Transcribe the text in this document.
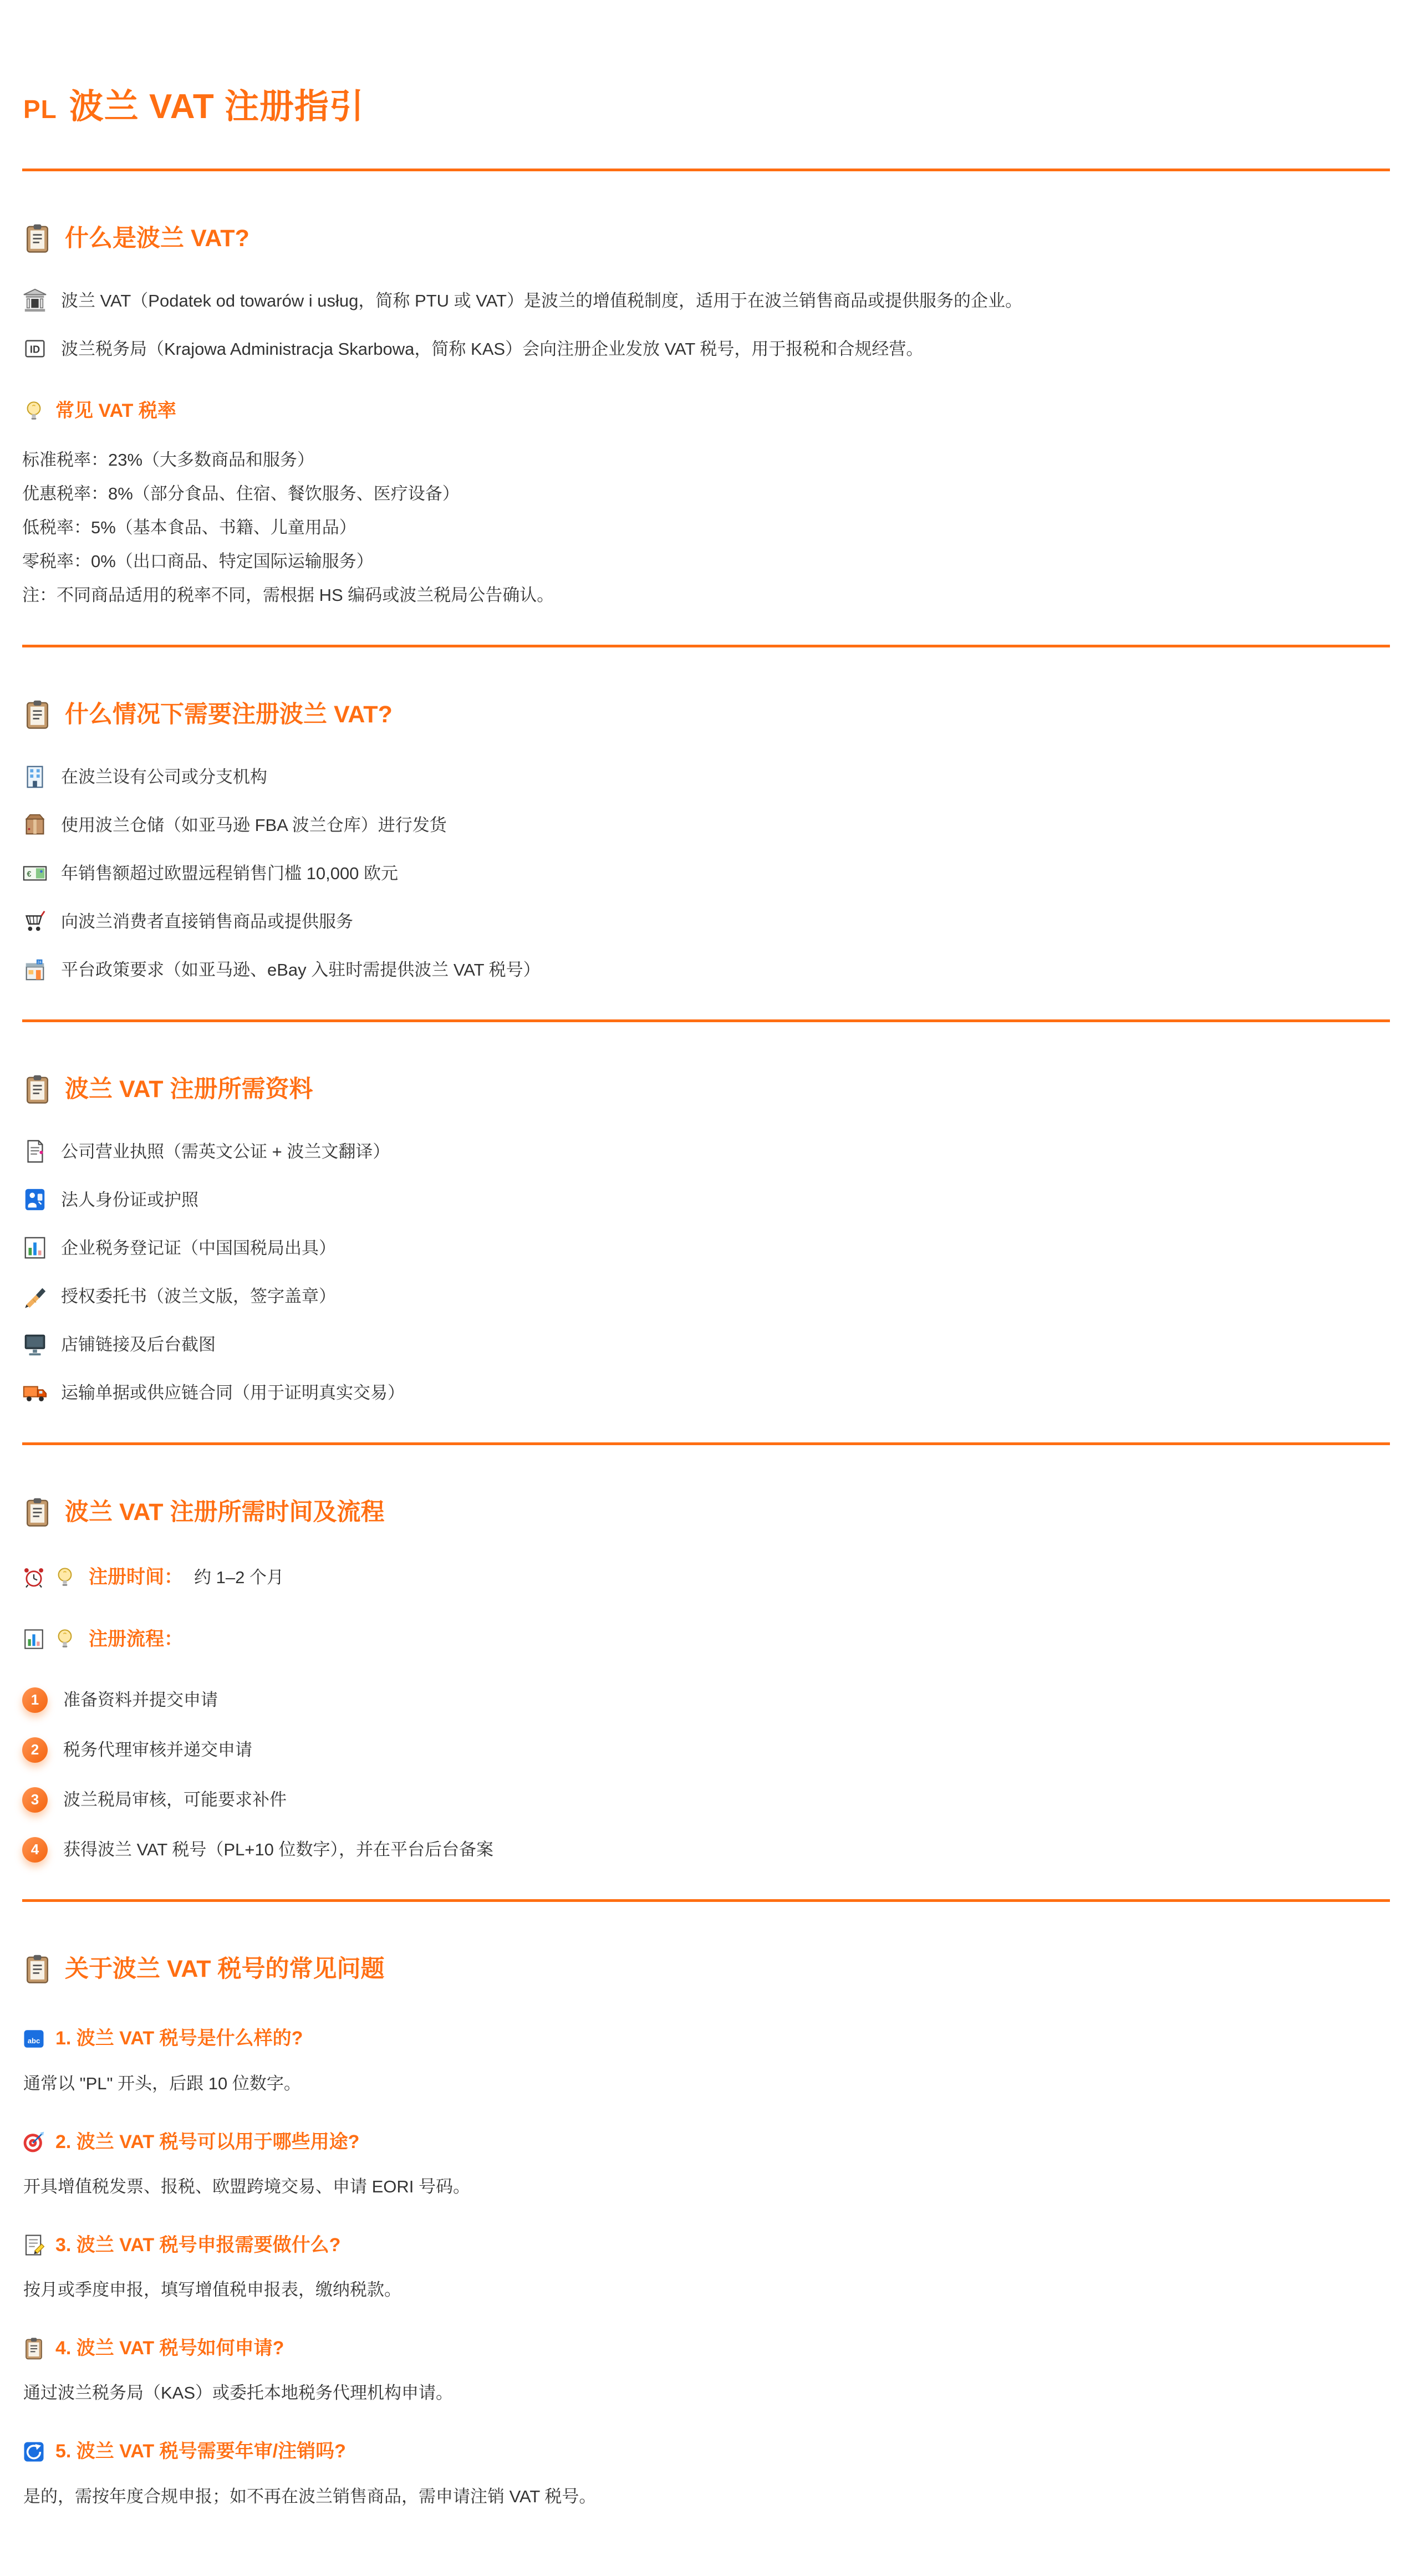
PL 波兰 VAT 注册指引
什么是波兰 VAT?

波兰 VAT（Podatek od towarów i usług，简称 PTU 或 VAT）是波兰的增值税制度，适用于在波兰销售商品或提供服务的企业。

ID 波兰税务局（Krajowa Administracja Skarbowa，简称 KAS）会向注册企业发放 VAT 税号，用于报税和合规经营。

常见 VAT 税率

标准税率：23%（大多数商品和服务）

优惠税率：8%（部分食品、住宿、餐饮服务、医疗设备）

低税率：5%（基本食品、书籍、儿童用品）

零税率：0%（出口商品、特定国际运输服务）

注：不同商品适用的税率不同，需根据 HS 编码或波兰税局公告确认。

什么情况下需要注册波兰 VAT?

在波兰设有公司或分支机构

使用波兰仓储（如亚马逊 FBA 波兰仓库）进行发货

€ 年销售额超过欧盟远程销售门槛 10,000 欧元

向波兰消费者直接销售商品或提供服务

24 平台政策要求（如亚马逊、eBay 入驻时需提供波兰 VAT 税号）

波兰 VAT 注册所需资料

公司营业执照（需英文公证 + 波兰文翻译）

法人身份证或护照

企业税务登记证（中国国税局出具）

授权委托书（波兰文版，签字盖章）

店铺链接及后台截图

运输单据或供应链合同（用于证明真实交易）

波兰 VAT 注册所需时间及流程
注册时间： 约 1–2 个月
注册流程：
1	准备资料并提交申请
2	税务代理审核并递交申请
3	波兰税局审核，可能要求补件
4	获得波兰 VAT 税号（PL+10 位数字），并在平台后台备案
关于波兰 VAT 税号的常见问题
abc 1. 波兰 VAT 税号是什么样的?

通常以 "PL" 开头，后跟 10 位数字。

2. 波兰 VAT 税号可以用于哪些用途?

开具增值税发票、报税、欧盟跨境交易、申请 EORI 号码。

3. 波兰 VAT 税号申报需要做什么?

按月或季度申报，填写增值税申报表，缴纳税款。

4. 波兰 VAT 税号如何申请?

通过波兰税务局（KAS）或委托本地税务代理机构申请。

5. 波兰 VAT 税号需要年审/注销吗?

是的，需按年度合规申报；如不再在波兰销售商品，需申请注销 VAT 税号。
